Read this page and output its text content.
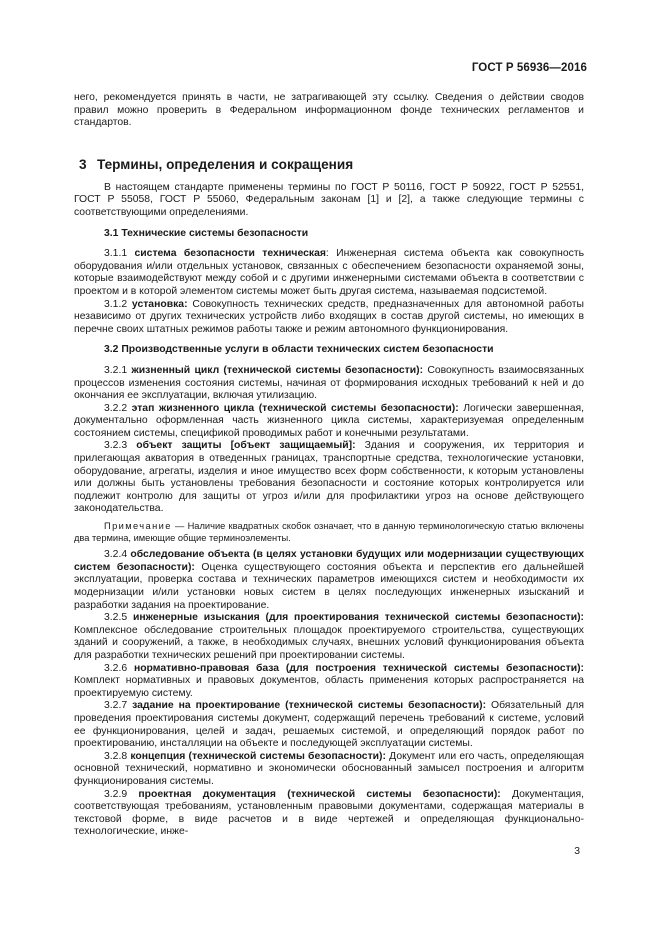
ГОСТ Р 56936—2016

него, рекомендуется принять в части, не затрагивающей эту ссылку. Сведения о действии сводов правил можно проверить в Федеральном информационном фонде технических регламентов и стандартов.

3 Термины, определения и сокращения

В настоящем стандарте применены термины по ГОСТ Р 50116, ГОСТ Р 50922, ГОСТ Р 52551, ГОСТ Р 55058, ГОСТ Р 55060, Федеральным законам [1] и [2], а также следующие термины с соответствующими определениями.

3.1 Технические системы безопасности

3.1.1 система безопасности техническая: Инженерная система объекта как совокупность оборудования и/или отдельных установок, связанных с обеспечением безопасности охраняемой зоны, которые взаимодействуют между собой и с другими инженерными системами объекта в соответствии с проектом и в которой элементом системы может быть другая система, называемая подсистемой.

3.1.2 установка: Совокупность технических средств, предназначенных для автономной работы независимо от других технических устройств либо входящих в состав другой системы, но имеющих в перечне своих штатных режимов работы также и режим автономного функционирования.

3.2 Производственные услуги в области технических систем безопасности

3.2.1 жизненный цикл (технической системы безопасности): Совокупность взаимосвязанных процессов изменения состояния системы, начиная от формирования исходных требований к ней и до окончания ее эксплуатации, включая утилизацию.

3.2.2 этап жизненного цикла (технической системы безопасности): Логически завершенная, документально оформленная часть жизненного цикла системы, характеризуемая определенным состоянием системы, спецификой проводимых работ и конечными результатами.

3.2.3 объект защиты [объект защищаемый]: Здания и сооружения, их территория и прилегающая акватория в отведенных границах, транспортные средства, технологические установки, оборудование, агрегаты, изделия и иное имущество всех форм собственности, к которым установлены или должны быть установлены требования безопасности и состояние которых контролируется или подлежит контролю для защиты от угроз и/или для профилактики угроз на основе действующего законодательства.

Примечание — Наличие квадратных скобок означает, что в данную терминологическую статью включены два термина, имеющие общие терминоэлементы.

3.2.4 обследование объекта (в целях установки будущих или модернизации существующих систем безопасности): Оценка существующего состояния объекта и перспектив его дальнейшей эксплуатации, проверка состава и технических параметров имеющихся систем и необходимости их модернизации и/или установки новых систем в целях последующих инженерных изысканий и разработки задания на проектирование.

3.2.5 инженерные изыскания (для проектирования технической системы безопасности): Комплексное обследование строительных площадок проектируемого строительства, существующих зданий и сооружений, а также, в необходимых случаях, внешних условий функционирования объекта для разработки технических решений при проектировании системы.

3.2.6 нормативно-правовая база (для построения технической системы безопасности): Комплект нормативных и правовых документов, область применения которых распространяется на проектируемую систему.

3.2.7 задание на проектирование (технической системы безопасности): Обязательный для проведения проектирования системы документ, содержащий перечень требований к системе, условий ее функционирования, целей и задач, решаемых системой, и определяющий порядок работ по проектированию, инсталляции на объекте и последующей эксплуатации системы.

3.2.8 концепция (технической системы безопасности): Документ или его часть, определяющая основной технический, нормативно и экономически обоснованный замысел построения и алгоритм функционирования системы.

3.2.9 проектная документация (технической системы безопасности): Документация, соответствующая требованиям, установленным правовыми документами, содержащая материалы в текстовой форме, в виде расчетов и в виде чертежей и определяющая функционально-технологические, инже-

3
